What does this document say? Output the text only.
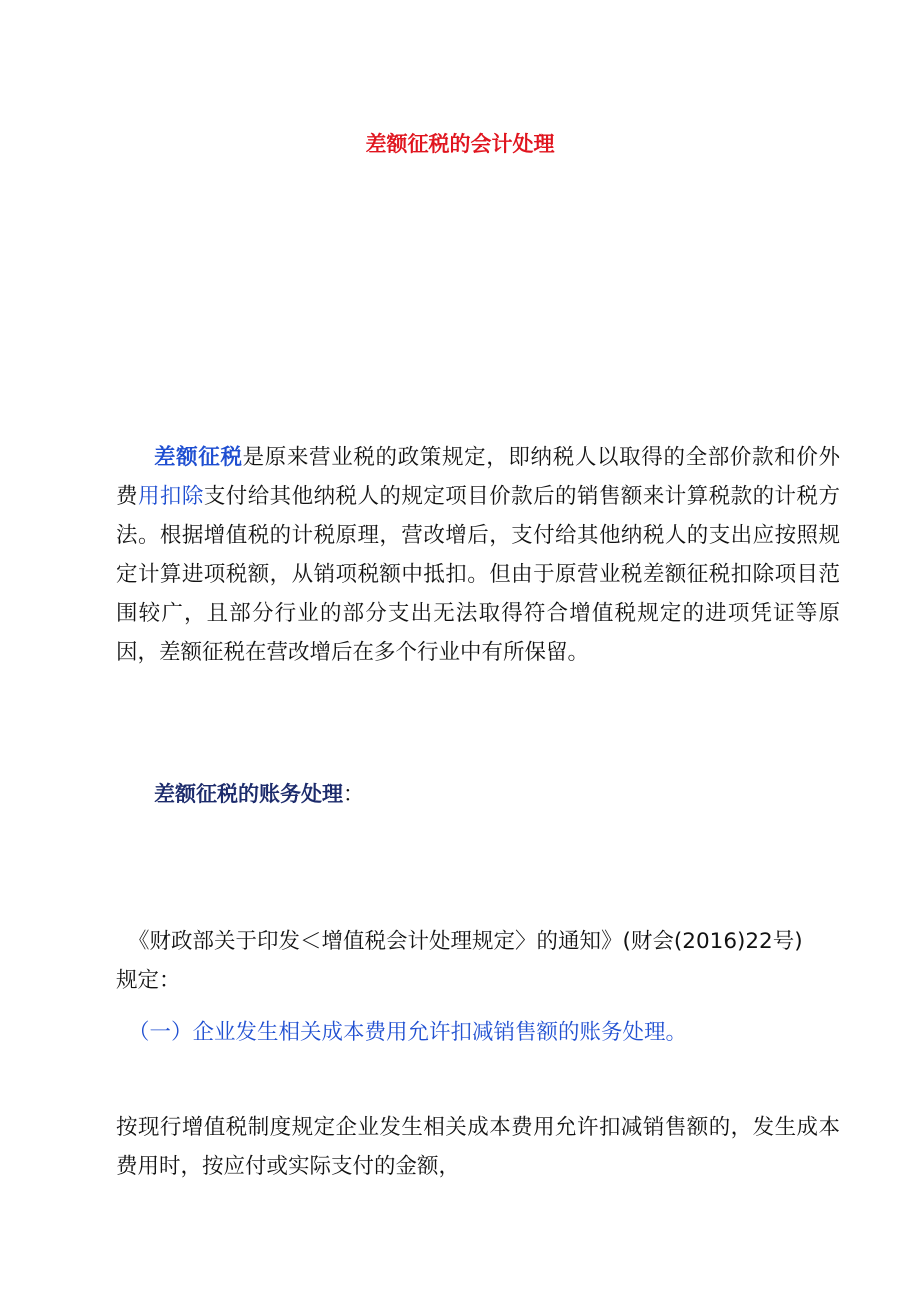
差额征税的会计处理
差额征税是原来营业税的政策规定，即纳税人以取得的全部价款和价外费用扣除支付给其他纳税人的规定项目价款后的销售额来计算税款的计税方法。根据增值税的计税原理，营改增后，支付给其他纳税人的支出应按照规定计算进项税额，从销项税额中抵扣。但由于原营业税差额征税扣除项目范围较广，且部分行业的部分支出无法取得符合增值税规定的进项凭证等原因，差额征税在营改增后在多个行业中有所保留。
差额征税的账务处理：
《财政部关于印发＜增值税会计处理规定〉的通知》(财会(2016)22号)
规定：
（一）企业发生相关成本费用允许扣减销售额的账务处理。
按现行增值税制度规定企业发生相关成本费用允许扣减销售额的，发生成本费用时，按应付或实际支付的金额，
